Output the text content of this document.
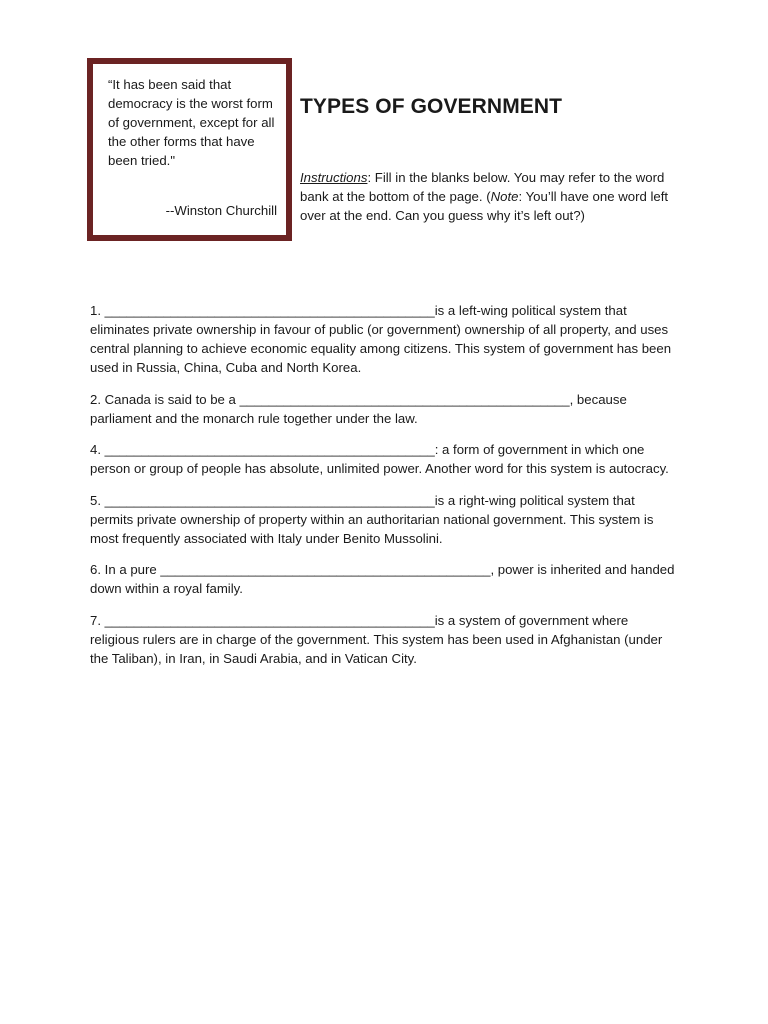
“It has been said that democracy is the worst form of government, except for all the other forms that have been tried."
--Winston Churchill
TYPES OF GOVERNMENT

Instructions: Fill in the blanks below. You may refer to the word bank at the bottom of the page. (Note: You’ll have one word left over at the end. Can you guess why it’s left out?)

1. _____________________________________________is a left-wing political system that eliminates private ownership in favour of public (or government) ownership of all property, and uses central planning to achieve economic equality among citizens. This system of government has been used in Russia, China, Cuba and North Korea.

2. Canada is said to be a _____________________________________________, because parliament and the monarch rule together under the law.

4. _____________________________________________: a form of government in which one person or group of people has absolute, unlimited power. Another word for this system is autocracy.

5. _____________________________________________is a right-wing political system that permits private ownership of property within an authoritarian national government. This system is most frequently associated with Italy under Benito Mussolini.

6. In a pure _____________________________________________, power is inherited and handed down within a royal family.

7. _____________________________________________is a system of government where religious rulers are in charge of the government. This system has been used in Afghanistan (under the Taliban), in Iran, in Saudi Arabia, and in Vatican City.
